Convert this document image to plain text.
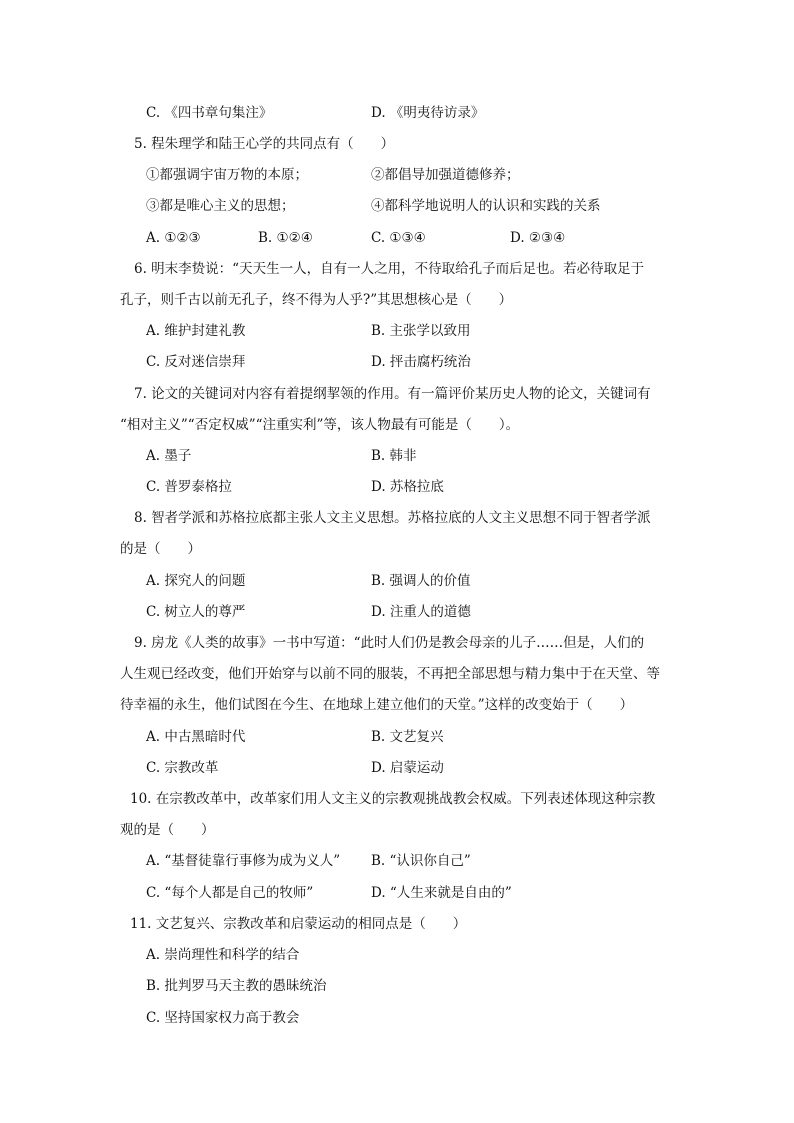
C. 《四书章句集注》	D. 《明夷待访录》
5. 程朱理学和陆王心学的共同点有（　　）
①都强调宇宙万物的本原；	②都倡导加强道德修养；
③都是唯心主义的思想；	④都科学地说明人的认识和实践的关系
A. ①②③	B. ①②④	C. ①③④	D. ②③④
6. 明末李贽说：“天天生一人，自有一人之用，不待取给孔子而后足也。若必待取足于
孔子，则千古以前无孔子，终不得为人乎?”其思想核心是（　　）
A. 维护封建礼教	B. 主张学以致用
C. 反对迷信崇拜	D. 抨击腐朽统治
7. 论文的关键词对内容有着提纲挈领的作用。有一篇评价某历史人物的论文，关键词有
“相对主义”“否定权威”“注重实利”等，该人物最有可能是（　　）。
A. 墨子	B. 韩非
C. 普罗泰格拉	D. 苏格拉底
8. 智者学派和苏格拉底都主张人文主义思想。苏格拉底的人文主义思想不同于智者学派
的是（　　）
A. 探究人的问题	B. 强调人的价值
C. 树立人的尊严	D. 注重人的道德
9. 房龙《人类的故事》一书中写道：“此时人们仍是教会母亲的儿子……但是，人们的
人生观已经改变，他们开始穿与以前不同的服装，不再把全部思想与精力集中于在天堂、等
待幸福的永生，他们试图在今生、在地球上建立他们的天堂。”这样的改变始于（　　）
A. 中古黑暗时代	B. 文艺复兴
C. 宗教改革	D. 启蒙运动
10. 在宗教改革中，改革家们用人文主义的宗教观挑战教会权威。下列表述体现这种宗教
观的是（　　）
A. “基督徒靠行事修为成为义人” B. “认识你自己”
C. “每个人都是自己的牧师”	D. “人生来就是自由的”
11. 文艺复兴、宗教改革和启蒙运动的相同点是（　　）
A. 崇尚理性和科学的结合
B. 批判罗马天主教的愚昧统治
C. 坚持国家权力高于教会
